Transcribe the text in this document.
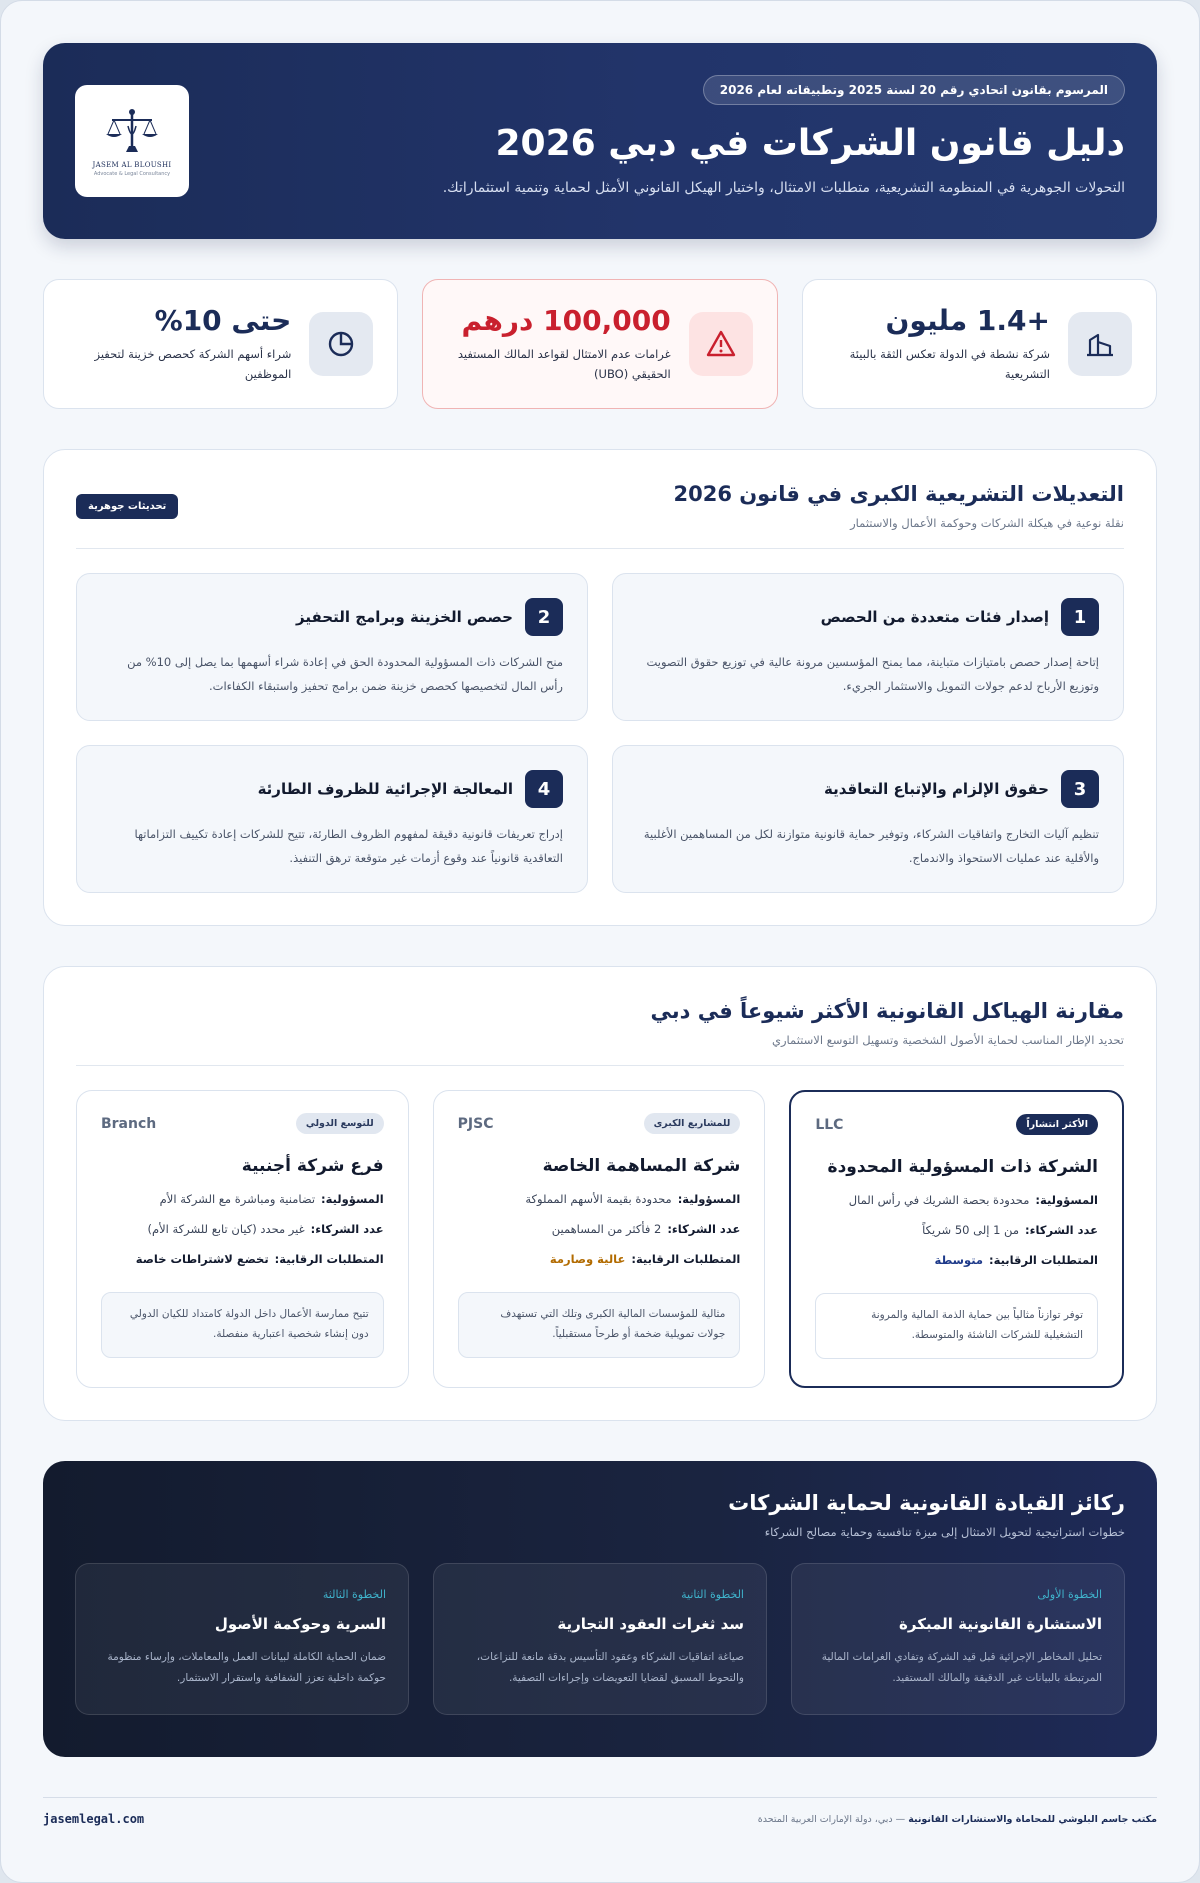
المرسوم بقانون اتحادي رقم 20 لسنة 2025 وتطبيقاته لعام 2026
دليل قانون الشركات في دبي 2026

التحولات الجوهرية في المنظومة التشريعية، متطلبات الامتثال، واختيار الهيكل القانوني الأمثل لحماية وتنمية استثماراتك.

JASEM AL BLOUSHI
Advocate & Legal Consultancy
+1.4 مليون
شركة نشطة في الدولة تعكس الثقة بالبيئة التشريعية
100,000 درهم
غرامات عدم الامتثال لقواعد المالك المستفيد الحقيقي (UBO)
حتى 10%
شراء أسهم الشركة كحصص خزينة لتحفيز الموظفين
التعديلات التشريعية الكبرى في قانون 2026

نقلة نوعية في هيكلة الشركات وحوكمة الأعمال والاستثمار

تحديثات جوهرية
1
إصدار فئات متعددة من الحصص

إتاحة إصدار حصص بامتيازات متباينة، مما يمنح المؤسسين مرونة عالية في توزيع حقوق التصويت وتوزيع الأرباح لدعم جولات التمويل والاستثمار الجريء.

2
حصص الخزينة وبرامج التحفيز

منح الشركات ذات المسؤولية المحدودة الحق في إعادة شراء أسهمها بما يصل إلى 10% من رأس المال لتخصيصها كحصص خزينة ضمن برامج تحفيز واستبقاء الكفاءات.

3
حقوق الإلزام والإتباع التعاقدية

تنظيم آليات التخارج واتفاقيات الشركاء، وتوفير حماية قانونية متوازنة لكل من المساهمين الأغلبية والأقلية عند عمليات الاستحواذ والاندماج.

4
المعالجة الإجرائية للظروف الطارئة

إدراج تعريفات قانونية دقيقة لمفهوم الظروف الطارئة، تتيح للشركات إعادة تكييف التزاماتها التعاقدية قانونياً عند وقوع أزمات غير متوقعة ترهق التنفيذ.

مقارنة الهياكل القانونية الأكثر شيوعاً في دبي

تحديد الإطار المناسب لحماية الأصول الشخصية وتسهيل التوسع الاستثماري

الأكثر انتشاراً
LLC
الشركة ذات المسؤولية المحدودة
المسؤولية:محدودة بحصة الشريك في رأس المال
عدد الشركاء:من 1 إلى 50 شريكاً
المتطلبات الرقابية:متوسطة
توفر توازناً مثالياً بين حماية الذمة المالية والمرونة التشغيلية للشركات الناشئة والمتوسطة.
للمشاريع الكبرى
PJSC
شركة المساهمة الخاصة
المسؤولية:محدودة بقيمة الأسهم المملوكة
عدد الشركاء:2 فأكثر من المساهمين
المتطلبات الرقابية:عالية وصارمة
مثالية للمؤسسات المالية الكبرى وتلك التي تستهدف جولات تمويلية ضخمة أو طرحاً مستقبلياً.
للتوسع الدولي
Branch
فرع شركة أجنبية
المسؤولية:تضامنية ومباشرة مع الشركة الأم
عدد الشركاء:غير محدد (كيان تابع للشركة الأم)
المتطلبات الرقابية:تخضع لاشتراطات خاصة
تتيح ممارسة الأعمال داخل الدولة كامتداد للكيان الدولي دون إنشاء شخصية اعتبارية منفصلة.
ركائز القيادة القانونية لحماية الشركات

خطوات استراتيجية لتحويل الامتثال إلى ميزة تنافسية وحماية مصالح الشركاء

الخطوة الأولى
الاستشارة القانونية المبكرة

تحليل المخاطر الإجرائية قبل قيد الشركة وتفادي الغرامات المالية المرتبطة بالبيانات غير الدقيقة والمالك المستفيد.

الخطوة الثانية
سد ثغرات العقود التجارية

صياغة اتفاقيات الشركاء وعقود التأسيس بدقة مانعة للنزاعات، والتحوط المسبق لقضايا التعويضات وإجراءات التصفية.

الخطوة الثالثة
السرية وحوكمة الأصول

ضمان الحماية الكاملة لبيانات العمل والمعاملات، وإرساء منظومة حوكمة داخلية تعزز الشفافية واستقرار الاستثمار.

مكتب جاسم البلوشي للمحاماة والاستشارات القانونية — دبي، دولة الإمارات العربية المتحدة
jasemlegal.com
